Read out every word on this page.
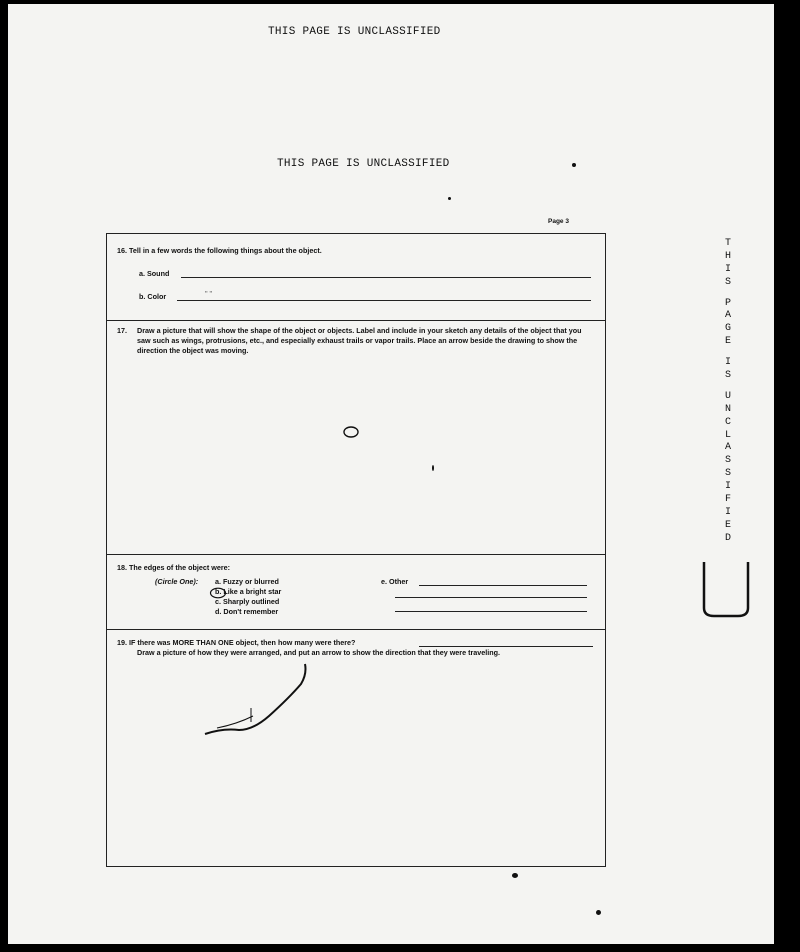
THIS PAGE IS UNCLASSIFIED
THIS PAGE IS UNCLASSIFIED
Page 3
T
H
I
S
P
A
G
E
I
S
U
N
C
L
A
S
S
I
F
I
E
D
16. Tell in a few words the following things about the object.
a. Sound
b. Color	" "
17. Draw a picture that will show the shape of the object or objects. Label and include in your sketch any details of the object that you saw such as wings, protrusions, etc., and especially exhaust trails or vapor trails. Place an arrow beside the drawing to show the direction the object was moving.
18. The edges of the object were:
(Circle One): a. Fuzzy or blurred
b. Like a bright star
c. Sharply outlined
d. Don't remember
e. Other
19. IF there was MORE THAN ONE object, then how many were there?
Draw a picture of how they were arranged, and put an arrow to show the direction that they were traveling.
